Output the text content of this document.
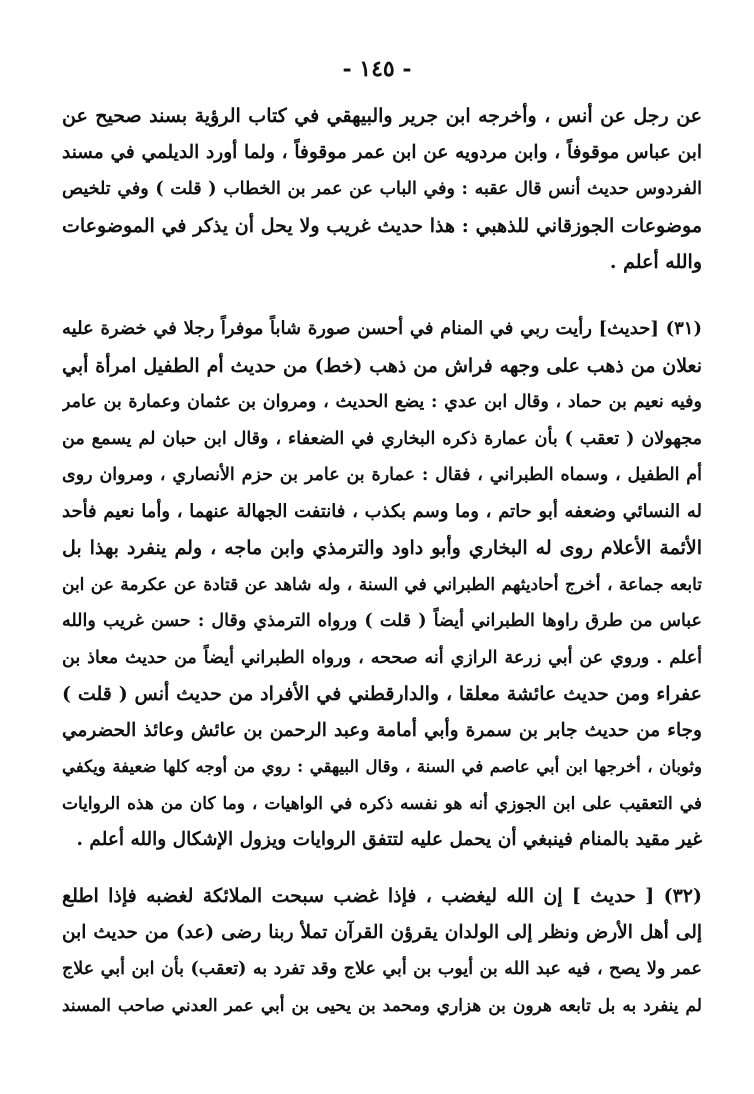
- ١٤٥ -
عن رجل عن أنس ، وأخرجه ابن جرير والبيهقي في كتاب الرؤية بسند صحيح عن
ابن عباس موقوفاً ، وابن مردويه عن ابن عمر موقوفاً ، ولما أورد الديلمي في مسند
الفردوس حديث أنس قال عقبه : وفي الباب عن عمر بن الخطاب ( قلت ) وفي تلخيص
موضوعات الجوزقاني للذهبي : هذا حديث غريب ولا يحل أن يذكر في الموضوعات
والله أعلم .
(٣١) [حديث] رأيت ربي في المنام في أحسن صورة شاباً موفراً رجلا في خضرة عليه
نعلان من ذهب على وجهه فراش من ذهب (خط) من حديث أم الطفيل امرأة أبي
وفيه نعيم بن حماد ، وقال ابن عدي : يضع الحديث ، ومروان بن عثمان وعمارة بن عامر
مجهولان ( تعقب ) بأن عمارة ذكره البخاري في الضعفاء ، وقال ابن حبان لم يسمع من
أم الطفيل ، وسماه الطبراني ، فقال : عمارة بن عامر بن حزم الأنصاري ، ومروان روى
له النسائي وضعفه أبو حاتم ، وما وسم بكذب ، فانتفت الجهالة عنهما ، وأما نعيم فأحد
الأئمة الأعلام روى له البخاري وأبو داود والترمذي وابن ماجه ، ولم ينفرد بهذا بل
تابعه جماعة ، أخرج أحاديثهم الطبراني في السنة ، وله شاهد عن قتادة عن عكرمة عن ابن
عباس من طرق راوها الطبراني أيضاً ( قلت ) ورواه الترمذي وقال : حسن غريب والله
أعلم . وروي عن أبي زرعة الرازي أنه صححه ، ورواه الطبراني أيضاً من حديث معاذ بن
عفراء ومن حديث عائشة معلقا ، والدارقطني في الأفراد من حديث أنس ( قلت )
وجاء من حديث جابر بن سمرة وأبي أمامة وعبد الرحمن بن عائش وعائذ الحضرمي
وثوبان ، أخرجها ابن أبي عاصم في السنة ، وقال البيهقي : روي من أوجه كلها ضعيفة ويكفي
في التعقيب على ابن الجوزي أنه هو نفسه ذكره في الواهيات ، وما كان من هذه الروايات
غير مقيد بالمنام فينبغي أن يحمل عليه لتتفق الروايات ويزول الإشكال والله أعلم .
(٣٢) [ حديث ] إن الله ليغضب ، فإذا غضب سبحت الملائكة لغضبه فإذا اطلع
إلى أهل الأرض ونظر إلى الولدان يقرؤن القرآن تملأ ربنا رضى (عد) من حديث ابن
عمر ولا يصح ، فيه عبد الله بن أيوب بن أبي علاج وقد تفرد به (تعقب) بأن ابن أبي علاج
لم ينفرد به بل تابعه هرون بن هزاري ومحمد بن يحيى بن أبي عمر العدني صاحب المسند
